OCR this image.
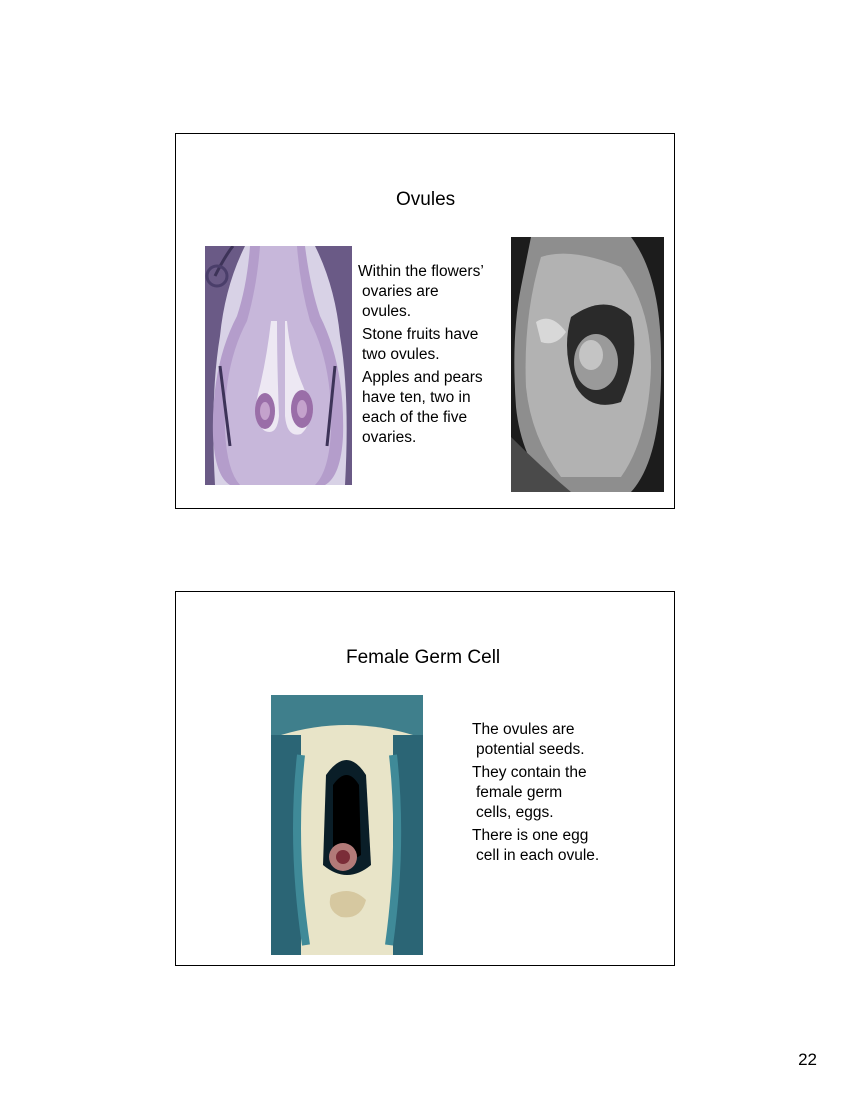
Ovules
Within the flowers’
ovaries are
ovules.
Stone fruits have
two ovules.
Apples and pears
have ten, two in
each of the five
ovaries.
Female Germ Cell
The ovules are
potential seeds.
They contain the
female germ
cells, eggs.
There is one egg
cell in each ovule.
22
